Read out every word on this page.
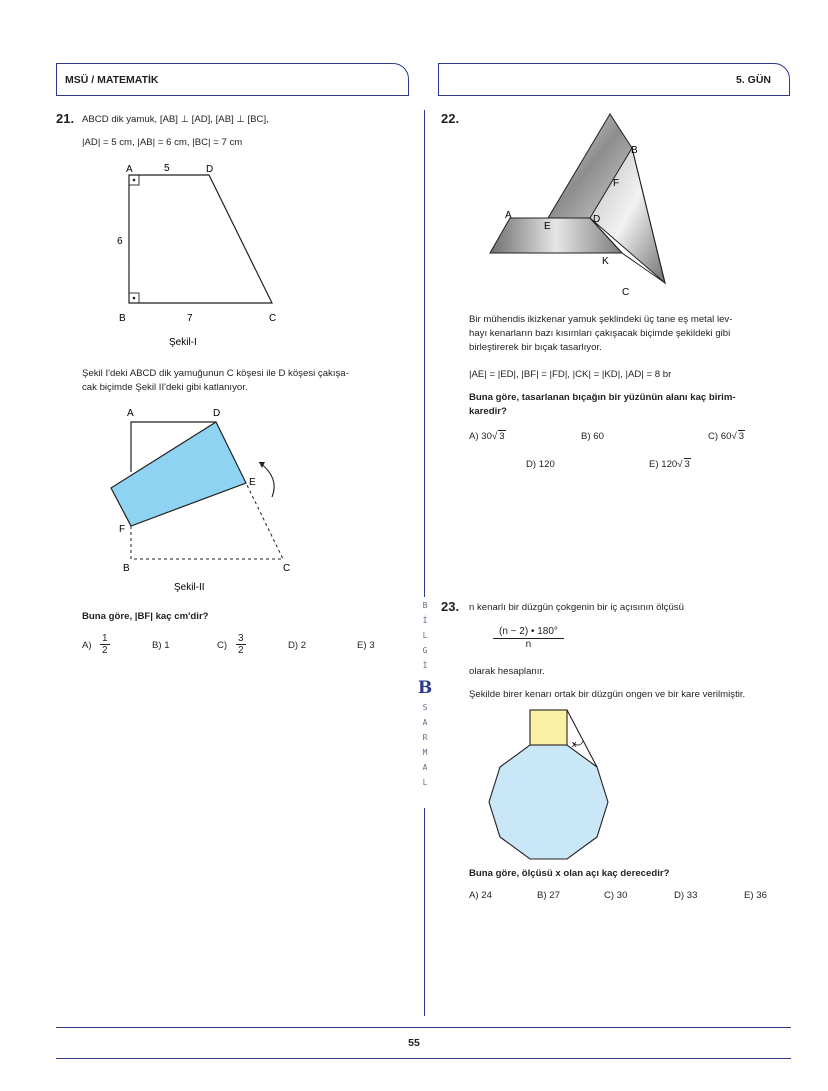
MSÜ / MATEMATİK	5. GÜN
B
İ
L
G
İ
B
S
A
R
M
A
L
21. ABCD dik yamuk, [AB] ⊥ [AD], [AB] ⊥ [BC],
|AD| = 5 cm, |AB| = 6 cm, |BC| = 7 cm
A	D
B	C
5
6
7
Şekil-I
Şekil I'deki ABCD dik yamuğunun C köşesi ile D köşesi çakışa-
cak biçimde Şekil II'deki gibi katlanıyor.
A	D
E
F
B	C
Şekil-II
Buna göre, |BF| kaç cm'dir?
$A) \frac{1}{2}$	B) 1	$C) \frac{3}{2}$	D) 2	E) 3
22.
A
E
D
B
F
K
C
Bir mühendis ikizkenar yamuk şeklindeki üç tane eş metal lev-
hayı kenarların bazı kısımları çakışacak biçimde şekildeki gibi
birleştirerek bir bıçak tasarlıyor.
|AE| = |ED|, |BF| = |FD|, |CK| = |KD|, |AD| = 8 br
Buna göre, tasarlanan bıçağın bir yüzünün alanı kaç birim-
karedir?
A) 30√ 3	B) 60	C) 60√ 3
D) 120	E) 120√ 3
23. n kenarlı bir düzgün çokgenin bir iç açısının ölçüsü
$\frac{(n - 2) • 180^\circ}{n}$
olarak hesaplanır.
Şekilde birer kenarı ortak bir düzgün ongen ve bir kare verilmiştir.
x
Buna göre, ölçüsü x olan açı kaç derecedir?
A) 24	B) 27	C) 30	D) 33	E) 36
55
